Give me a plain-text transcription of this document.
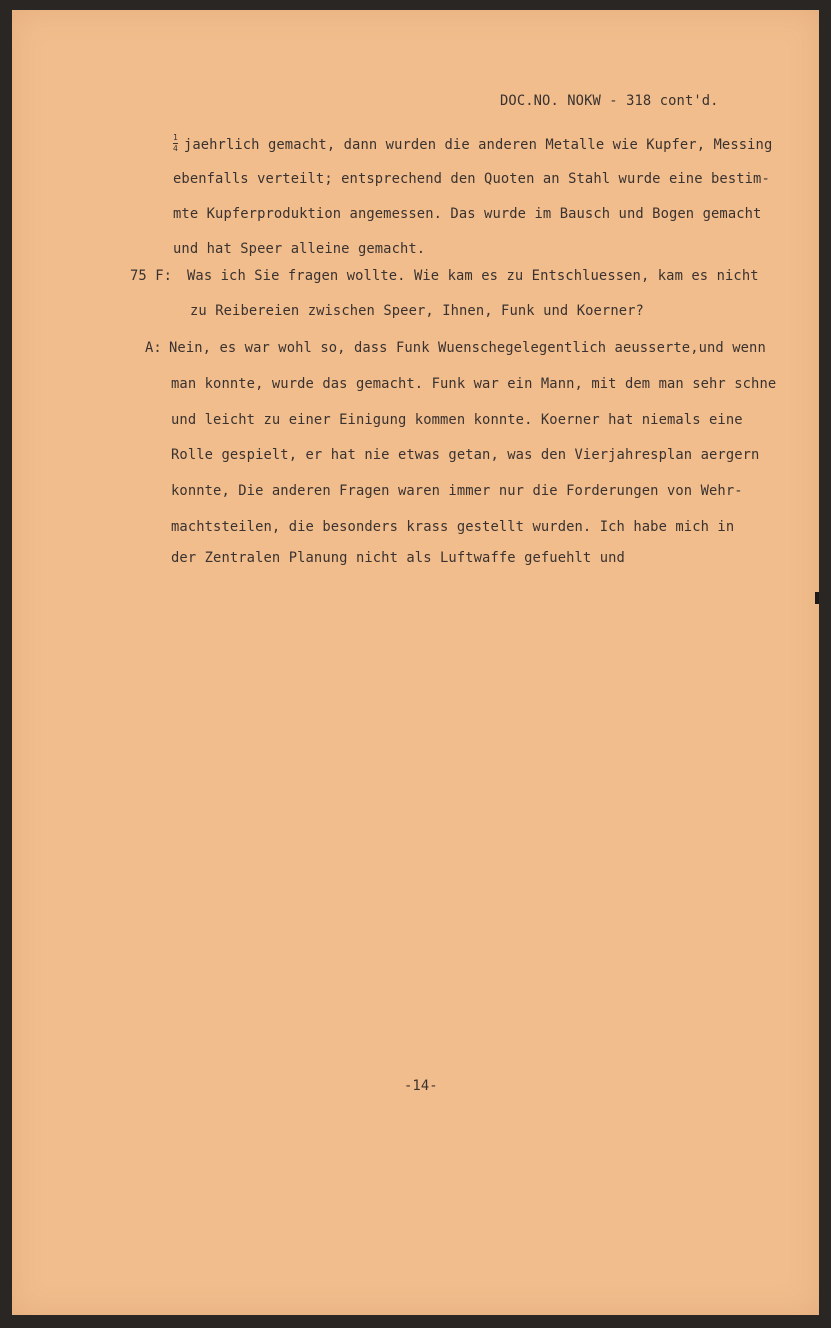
DOC.NO. NOKW - 318 cont'd.
$\frac{1}{4}$ jaehrlich gemacht, dann wurden die anderen Metalle wie Kupfer, Messing
ebenfalls verteilt; entsprechend den Quoten an Stahl wurde eine bestim-
mte Kupferproduktion angemessen. Das wurde im Bausch und Bogen gemacht
und hat Speer alleine gemacht.
75 F: Was ich Sie fragen wollte. Wie kam es zu Entschluessen, kam es nicht
zu Reibereien zwischen Speer, Ihnen, Funk und Koerner?
A: Nein, es war wohl so, dass Funk Wuenschegelegentlich aeusserte,und wenn
man konnte, wurde das gemacht. Funk war ein Mann, mit dem man sehr schne
und leicht zu einer Einigung kommen konnte. Koerner hat niemals eine
Rolle gespielt, er hat nie etwas getan, was den Vierjahresplan aergern
konnte, Die anderen Fragen waren immer nur die Forderungen von Wehr-
machtsteilen, die besonders krass gestellt wurden. Ich habe mich in
der Zentralen Planung nicht als Luftwaffe gefuehlt und
-14-
